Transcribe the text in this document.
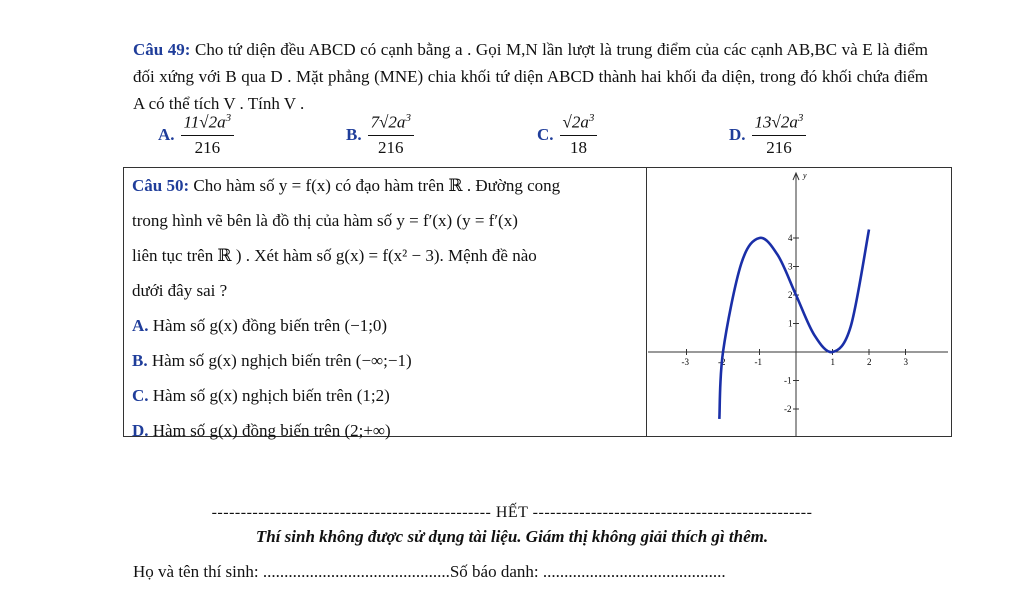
Câu 49: Cho tứ diện đều ABCD có cạnh bằng a . Gọi M,N lần lượt là trung điểm của các cạnh AB,BC và E là điểm đối xứng với B qua D . Mặt phẳng (MNE) chia khối tứ diện ABCD thành hai khối đa diện, trong đó khối chứa điểm A có thể tích V . Tính V .
A. $\frac{11√2a^3}{216}$	B. $\frac{7√2a^3}{216}$	C. $\frac{√2a^3}{18}$	D. $\frac{13√2a^3}{216}$
Câu 50: Cho hàm số y = f(x) có đạo hàm trên ℝ . Đường cong
trong hình vẽ bên là đồ thị của hàm số y = f′(x) (y = f′(x)
liên tục trên ℝ ) . Xét hàm số g(x) = f(x² − 3). Mệnh đề nào
dưới đây sai ?
A. Hàm số g(x) đồng biến trên (−1;0)
B. Hàm số g(x) nghịch biến trên (−∞;−1)
C. Hàm số g(x) nghịch biến trên (1;2)
D. Hàm số g(x) đồng biến trên (2;+∞)
y
-3	-2	-1	1	2	3
4
3
2
1
-1
-2
------------------------------------------------ HẾT ------------------------------------------------
Thí sinh không được sử dụng tài liệu. Giám thị không giải thích gì thêm.
Họ và tên thí sinh: ............................................Số báo danh: ...........................................
